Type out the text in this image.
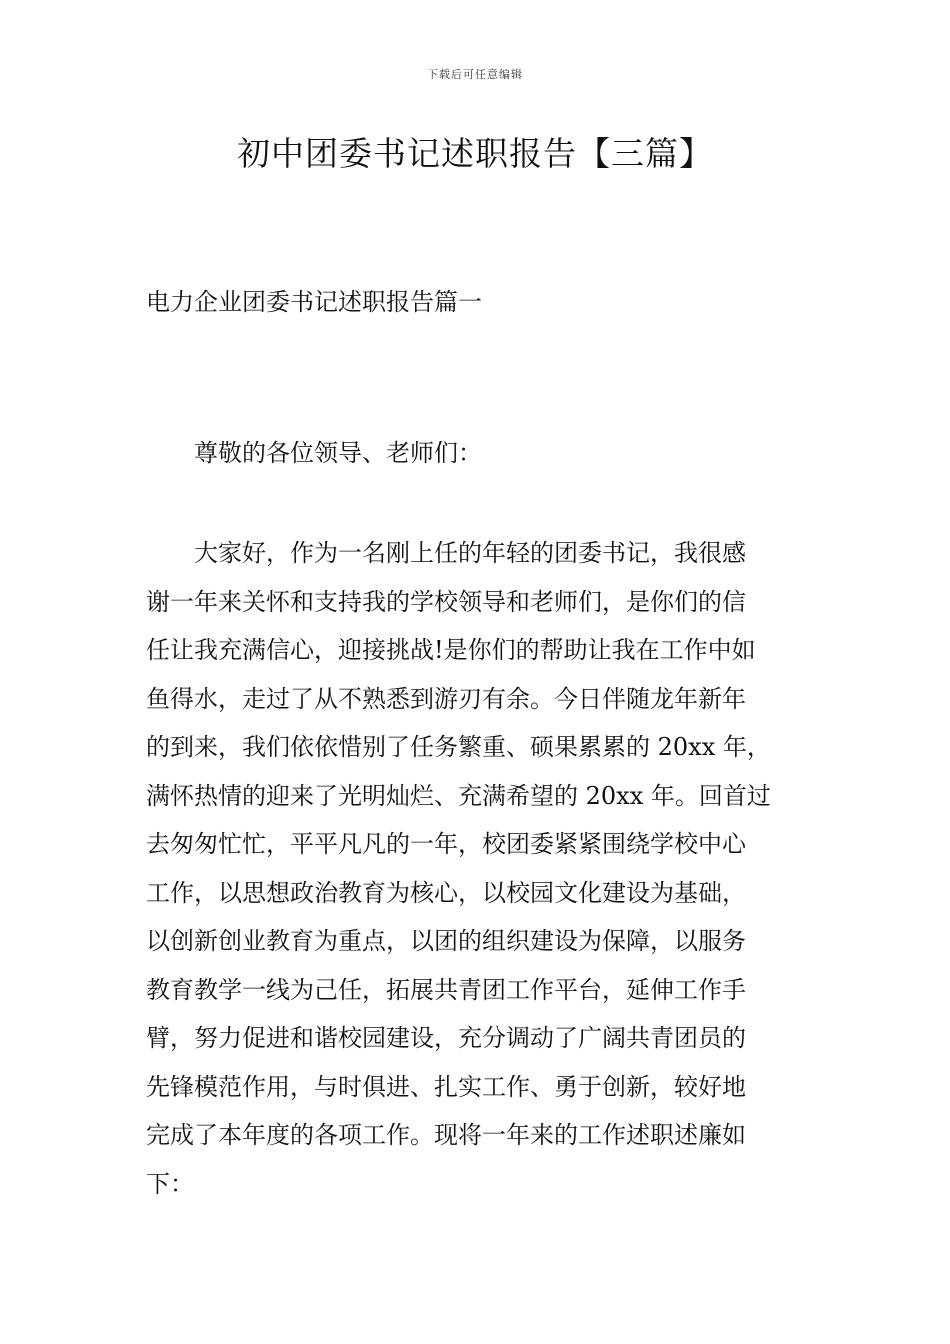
下载后可任意编辑
初中团委书记述职报告【三篇】
电力企业团委书记述职报告篇一

尊敬的各位领导、老师们：

大家好，作为一名刚上任的年轻的团委书记，我很感
谢一年来关怀和支持我的学校领导和老师们，是你们的信
任让我充满信心，迎接挑战!是你们的帮助让我在工作中如
鱼得水，走过了从不熟悉到游刃有余。今日伴随龙年新年
的到来，我们依依惜别了任务繁重、硕果累累的 20xx 年，
满怀热情的迎来了光明灿烂、充满希望的 20xx 年。回首过
去匆匆忙忙，平平凡凡的一年，校团委紧紧围绕学校中心
工作，以思想政治教育为核心，以校园文化建设为基础，
以创新创业教育为重点，以团的组织建设为保障，以服务
教育教学一线为己任，拓展共青团工作平台，延伸工作手
臂，努力促进和谐校园建设，充分调动了广阔共青团员的
先锋模范作用，与时俱进、扎实工作、勇于创新，较好地
完成了本年度的各项工作。现将一年来的工作述职述廉如
下：
